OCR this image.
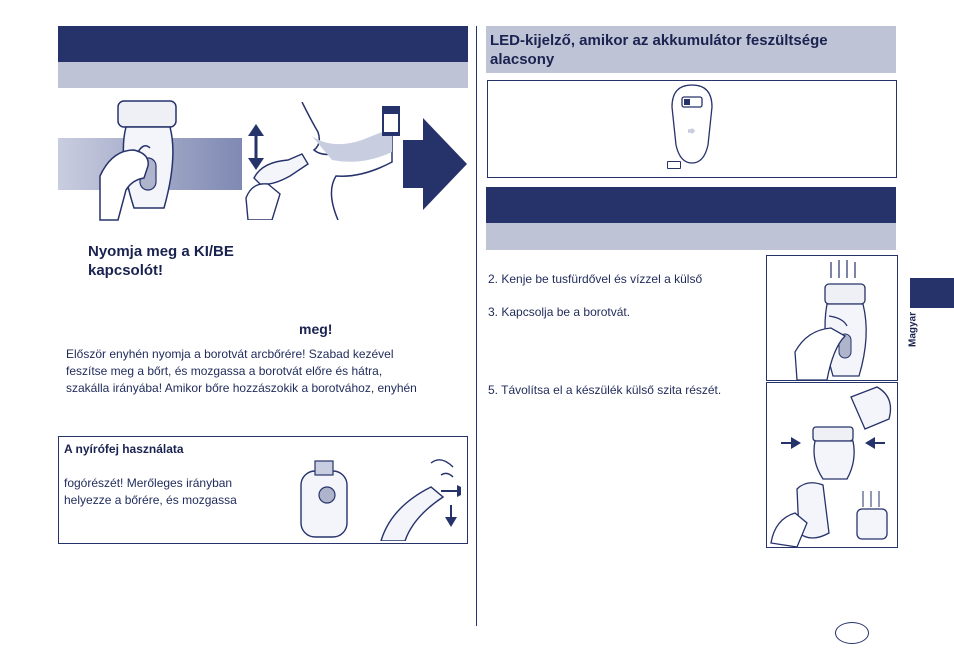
Nyomja meg a KI/BE kapcsolót!
meg!
Először enyhén nyomja a borotvát arcbőrére! Szabad kezével
feszítse meg a bőrt, és mozgassa a borotvát előre és hátra,
szakálla irányába! Amikor bőre hozzászokik a borotvához, enyhén
A nyírófej használata
fogórészét! Merőleges irányban
helyezze a bőrére, és mozgassa
LED-kijelző, amikor az akkumulátor feszültsége alacsony
2. Kenje be tusfürdővel és vízzel a külső
3. Kapcsolja be a borotvát.
5. Távolítsa el a készülék külső szita részét.
Magyar
